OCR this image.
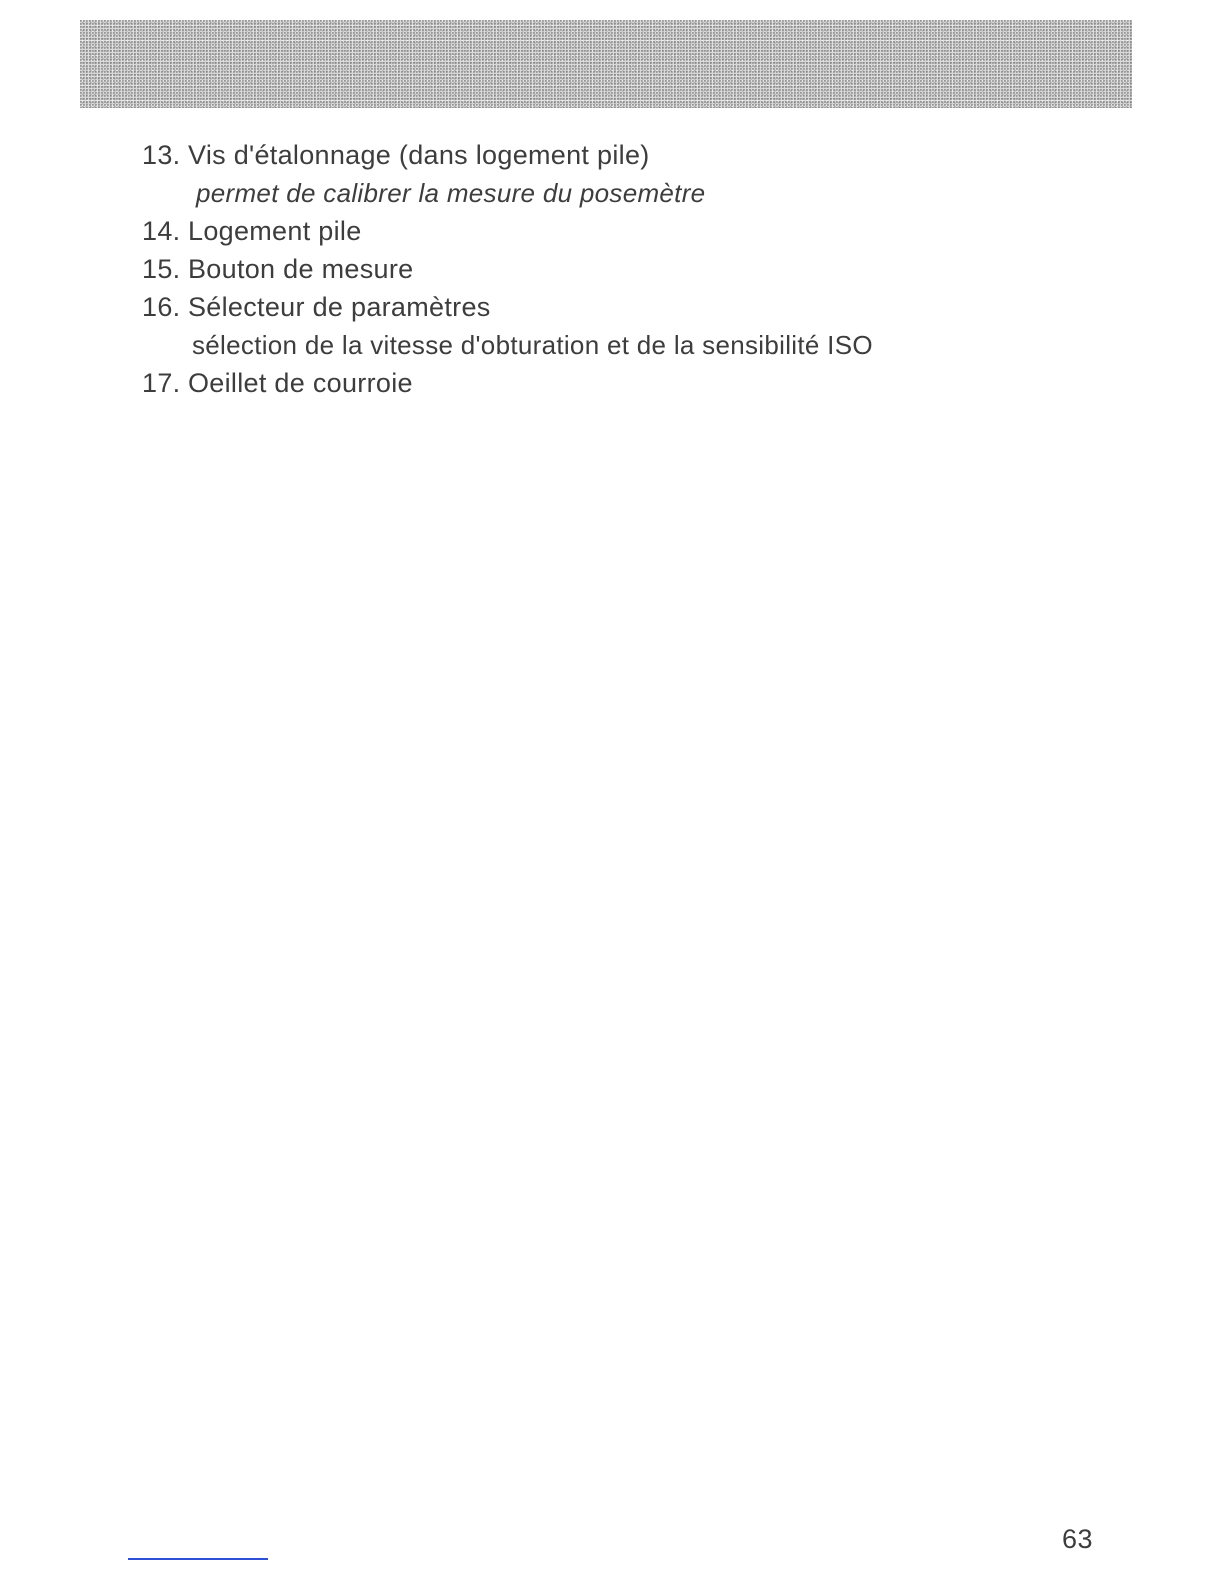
13. Vis d'étalonnage (dans logement pile)
permet de calibrer la mesure du posemètre
14. Logement pile
15. Bouton de mesure
16. Sélecteur de paramètres
sélection de la vitesse d'obturation et de la sensibilité ISO
17. Oeillet de courroie
63
